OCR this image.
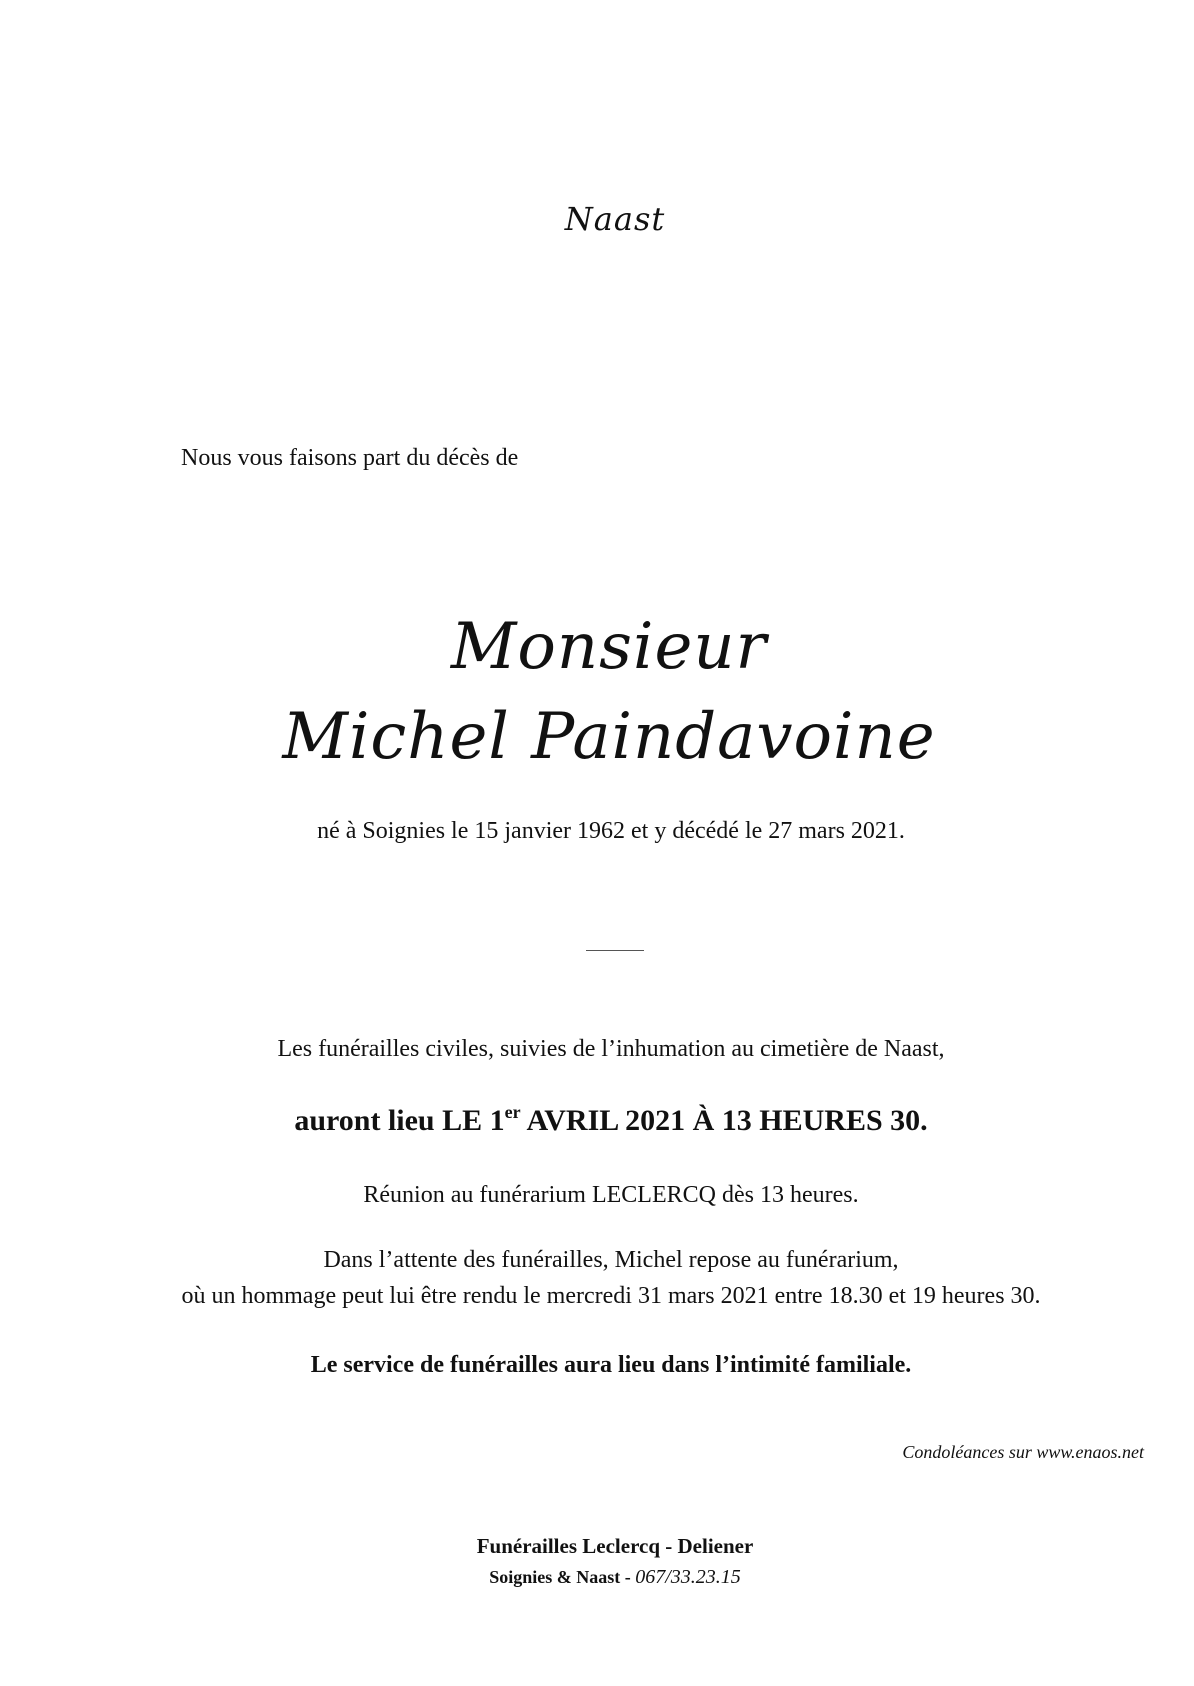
Naast
Nous vous faisons part du décès de
Monsieur
Michel Paindavoine
né à Soignies le 15 janvier 1962 et y décédé le 27 mars 2021.
Les funérailles civiles, suivies de l’inhumation au cimetière de Naast,
auront lieu LE 1er AVRIL 2021 À 13 HEURES 30.
Réunion au funérarium LECLERCQ dès 13 heures.
Dans l’attente des funérailles, Michel repose au funérarium,
où un hommage peut lui être rendu le mercredi 31 mars 2021 entre 18.30 et 19 heures 30.
Le service de funérailles aura lieu dans l’intimité familiale.
Condoléances sur www.enaos.net
Funérailles Leclercq - Deliener
Soignies & Naast - 067/33.23.15
